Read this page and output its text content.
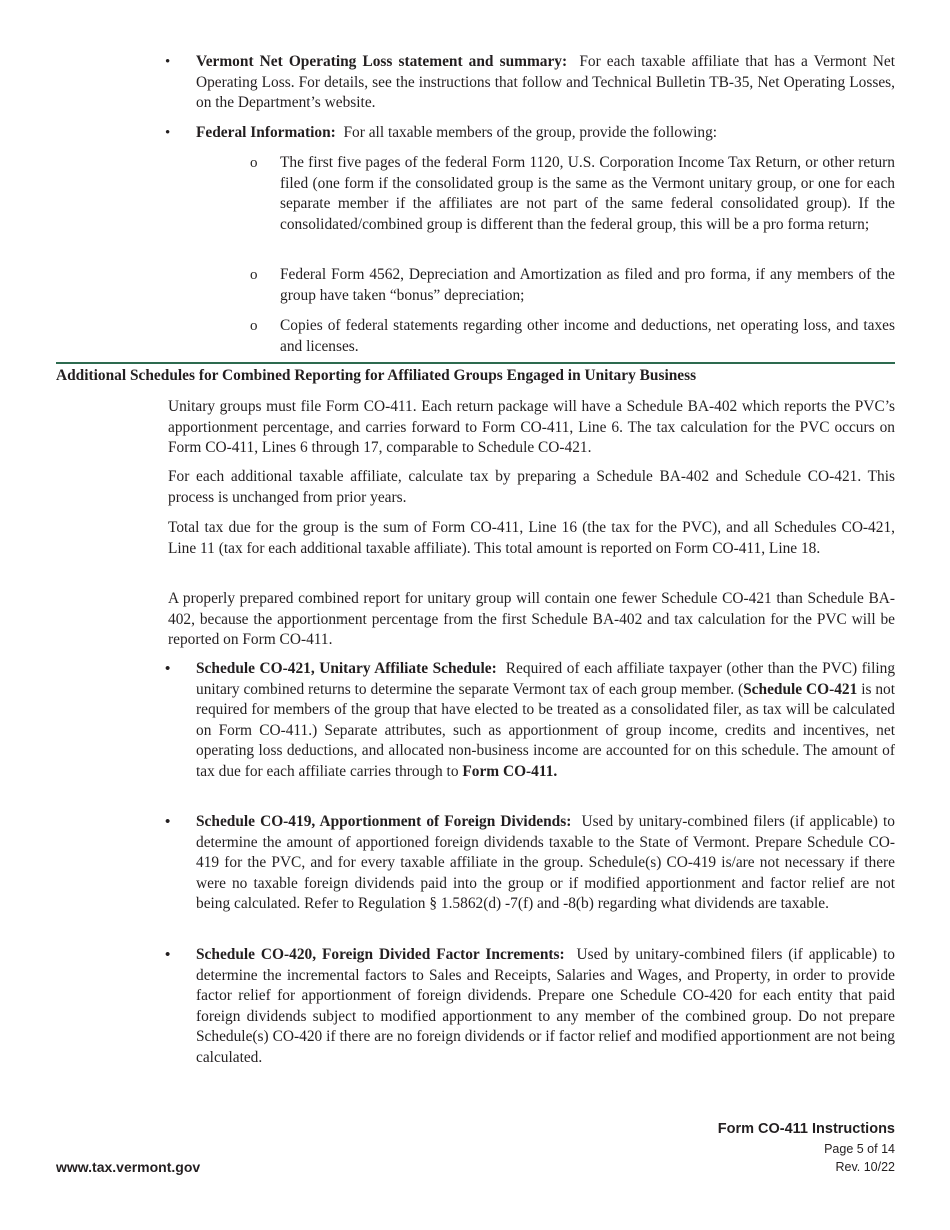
• Vermont Net Operating Loss statement and summary: For each taxable affiliate that has a Vermont Net Operating Loss. For details, see the instructions that follow and Technical Bulletin TB-35, Net Operating Losses, on the Department’s website.
• Federal Information: For all taxable members of the group, provide the following:
o The first five pages of the federal Form 1120, U.S. Corporation Income Tax Return, or other return filed (one form if the consolidated group is the same as the Vermont unitary group, or one for each separate member if the affiliates are not part of the same federal consolidated group). If the consolidated/combined group is different than the federal group, this will be a pro forma return;
o Federal Form 4562, Depreciation and Amortization as filed and pro forma, if any members of the group have taken “bonus” depreciation;
o Copies of federal statements regarding other income and deductions, net operating loss, and taxes and licenses.
Additional Schedules for Combined Reporting for Affiliated Groups Engaged in Unitary Business
Unitary groups must file Form CO-411. Each return package will have a Schedule BA-402 which reports the PVC’s apportionment percentage, and carries forward to Form CO-411, Line 6. The tax calculation for the PVC occurs on Form CO-411, Lines 6 through 17, comparable to Schedule CO-421.
For each additional taxable affiliate, calculate tax by preparing a Schedule BA-402 and Schedule CO-421. This process is unchanged from prior years.
Total tax due for the group is the sum of Form CO-411, Line 16 (the tax for the PVC), and all Schedules CO-421, Line 11 (tax for each additional taxable affiliate). This total amount is reported on Form CO-411, Line 18.
A properly prepared combined report for unitary group will contain one fewer Schedule CO-421 than Schedule BA-402, because the apportionment percentage from the first Schedule BA-402 and tax calculation for the PVC will be reported on Form CO-411.
• Schedule CO-421, Unitary Affiliate Schedule: Required of each affiliate taxpayer (other than the PVC) filing unitary combined returns to determine the separate Vermont tax of each group member. (Schedule CO-421 is not required for members of the group that have elected to be treated as a consolidated filer, as tax will be calculated on Form CO-411.) Separate attributes, such as apportionment of group income, credits and incentives, net operating loss deductions, and allocated non-business income are accounted for on this schedule. The amount of tax due for each affiliate carries through to Form CO-411.
• Schedule CO-419, Apportionment of Foreign Dividends: Used by unitary-combined filers (if applicable) to determine the amount of apportioned foreign dividends taxable to the State of Vermont. Prepare Schedule CO-419 for the PVC, and for every taxable affiliate in the group. Schedule(s) CO-419 is/are not necessary if there were no taxable foreign dividends paid into the group or if modified apportionment and factor relief are not being calculated. Refer to Regulation § 1.5862(d) -7(f) and -8(b) regarding what dividends are taxable.
• Schedule CO-420, Foreign Divided Factor Increments: Used by unitary-combined filers (if applicable) to determine the incremental factors to Sales and Receipts, Salaries and Wages, and Property, in order to provide factor relief for apportionment of foreign dividends. Prepare one Schedule CO-420 for each entity that paid foreign dividends subject to modified apportionment to any member of the combined group. Do not prepare Schedule(s) CO-420 if there are no foreign dividends or if factor relief and modified apportionment are not being calculated.
Form CO-411 Instructions
Page 5 of 14
Rev. 10/22
www.tax.vermont.gov
